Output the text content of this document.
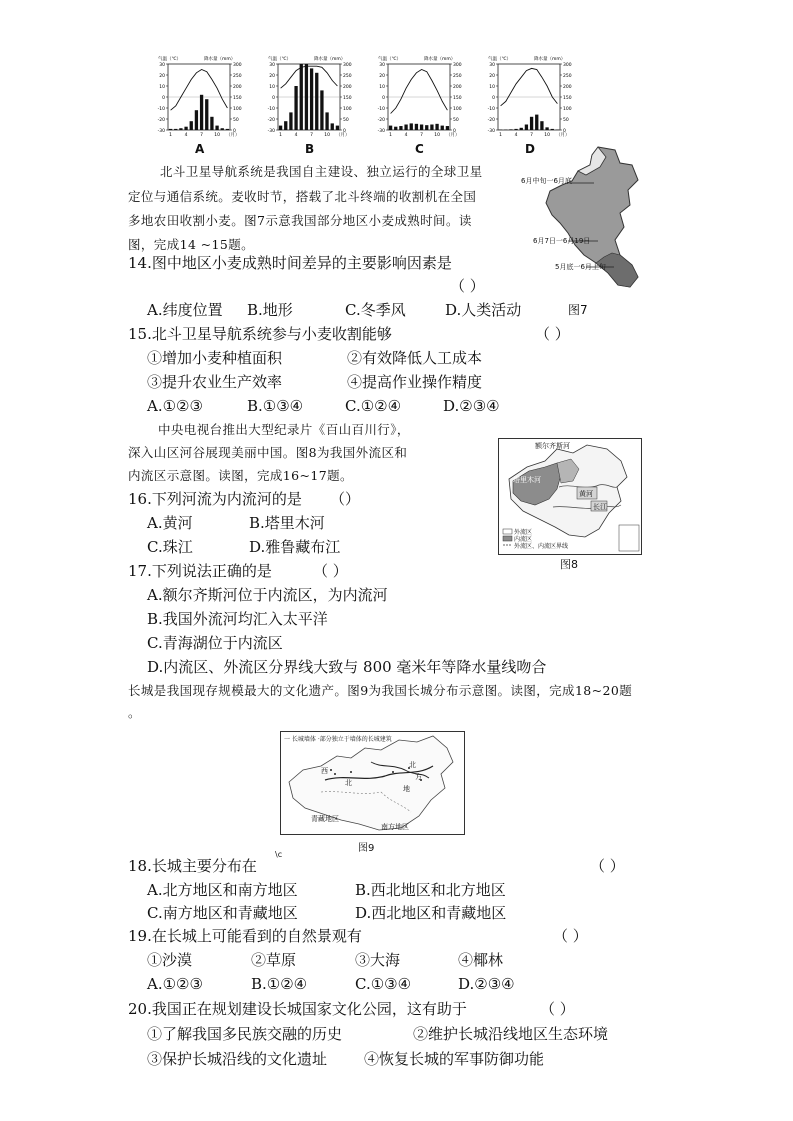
-30
-20
-10
0
10
20
30
0
50
100
150
200
250
300
气温（℃）	降水量（mm）
1	4	7 10 （月）
-30
-20
-10
0
10
20
30
0
50
100
150
200
250
300
气温（℃）	降水量（mm）
1	4	7 10 （月）
-30
-20
-10
0
10
20
30
0
50
100
150
200
250
300
气温（℃）	降水量（mm）
1	4	7 10 （月）
-30
-20
-10
0
10
20
30
0
50
100
150
200
250
300
气温（℃）	降水量（mm）
1	4	7 10 （月）
A	B	C	D
北斗卫星导航系统是我国自主建设、独立运行的全球卫星
定位与通信系统。麦收时节，搭载了北斗终端的收割机在全国
多地农田收割小麦。图7示意我国部分地区小麦成熟时间。读
图，完成14 ~15题。
6月中旬一6月底
6月7日一6月19日
5月底一6月上旬
图7
14.图中地区小麦成熟时间差异的主要影响因素是
（ ）
A.纬度位置 B.地形	C.冬季风	D.人类活动
15.北斗卫星导航系统参与小麦收割能够	（ ）
①增加小麦种植面积	②有效降低人工成本
③提升农业生产效率	④提高作业操作精度
A.①②③	B.①③④	C.①②④	D.②③④
中央电视台推出大型纪录片《百山百川行》，
深入山区河谷展现美丽中国。图8为我国外流区和
内流区示意图。读图，完成16~17题。
额尔齐斯河
塔里木河
黄河
长江
外流区
内流区
外流区、内流区界线
图8
16.下列河流为内流河的是 （）
A.黄河	B.塔里木河
C.珠江	D.雅鲁藏布江
17.下列说法正确的是	（ ）
A.额尔齐斯河位于内流区，为内流河
B.我国外流河均汇入太平洋
C.青海湖位于内流区
D.内流区、外流区分界线大致与 800 毫米年等降水量线吻合
长城是我国现存规模最大的文化遗产。图9为我国长城分布示意图。读图，完成18~20题
。
一 长城墙体 ·部分独立于墙体的长城建筑
西
北
北
方
地
青藏地区
南方地区
图9
\c
18.长城主要分布在	（ ）
A.北方地区和南方地区	B.西北地区和北方地区
C.南方地区和青藏地区	D.西北地区和青藏地区
19.在长城上可能看到的自然景观有	（ ）
①沙漠	②草原	③大海	④椰林
A.①②③	B.①②④	C.①③④	D.②③④
20.我国正在规划建设长城国家文化公园，这有助于	（ ）
①了解我国多民族交融的历史	②维护长城沿线地区生态环境
③保护长城沿线的文化遗址 ④恢复长城的军事防御功能
